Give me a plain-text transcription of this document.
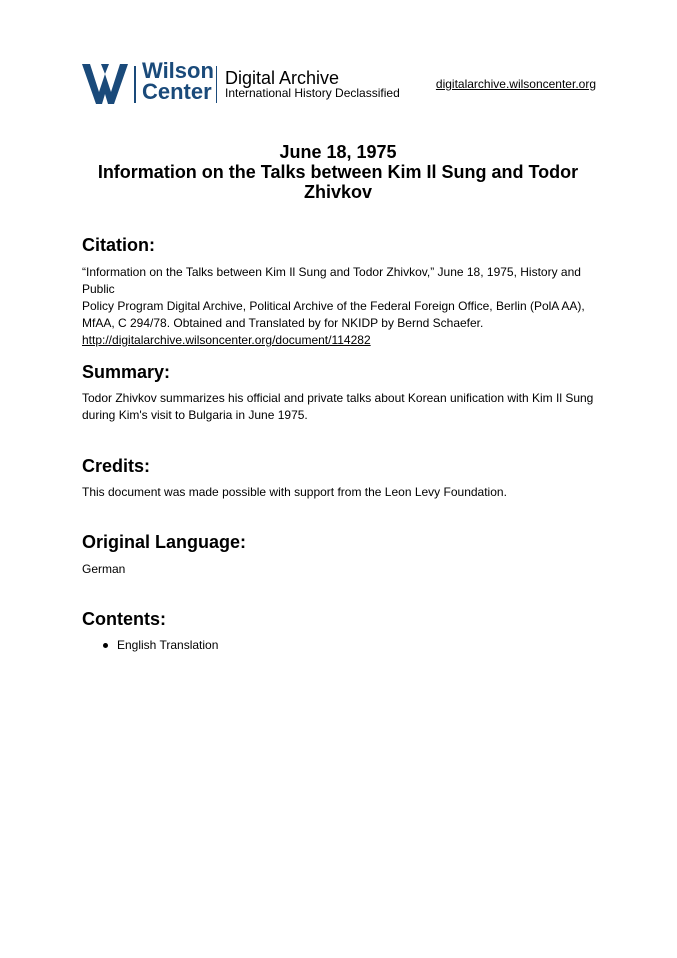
Wilson
Center
Digital Archive
International History Declassified
digitalarchive.wilsoncenter.org
June 18, 1975
Information on the Talks between Kim Il Sung and Todor
Zhivkov
Citation:
“Information on the Talks between Kim Il Sung and Todor Zhivkov,” June 18, 1975, History and Public
Policy Program Digital Archive, Political Archive of the Federal Foreign Office, Berlin (PolA AA),
MfAA, C 294/78. Obtained and Translated by for NKIDP by Bernd Schaefer.
http://digitalarchive.wilsoncenter.org/document/114282
Summary:
Todor Zhivkov summarizes his official and private talks about Korean unification with Kim Il Sung
during Kim's visit to Bulgaria in June 1975.
Credits:
This document was made possible with support from the Leon Levy Foundation.
Original Language:
German
Contents:
English Translation
